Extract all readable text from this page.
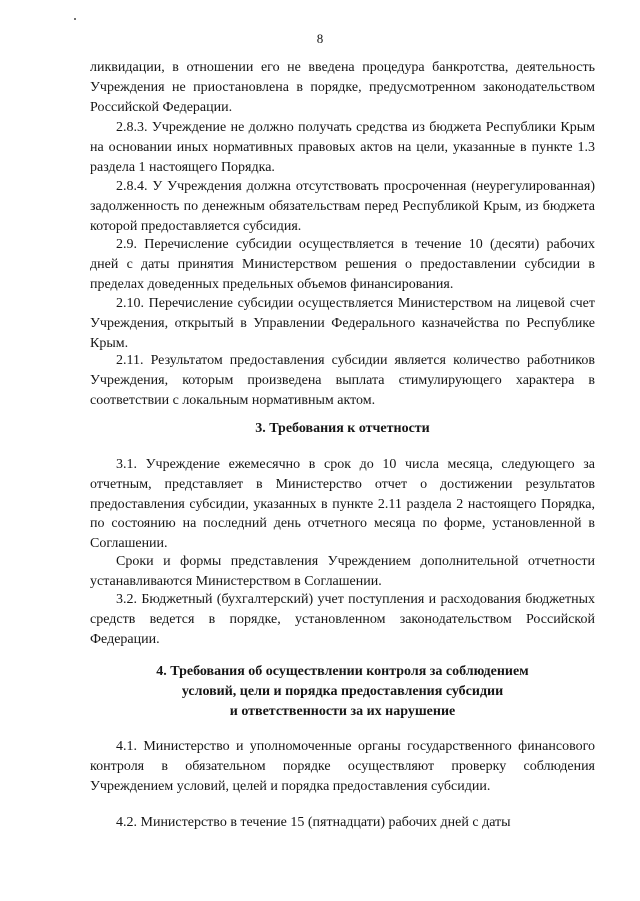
8

ликвидации, в отношении его не введена процедура банкротства, деятельность Учреждения не приостановлена в порядке, предусмотренном законодательством Российской Федерации.

2.8.3. Учреждение не должно получать средства из бюджета Республики Крым на основании иных нормативных правовых актов на цели, указанные в пункте 1.3 раздела 1 настоящего Порядка.

2.8.4. У Учреждения должна отсутствовать просроченная (неурегулированная) задолженность по денежным обязательствам перед Республикой Крым, из бюджета которой предоставляется субсидия.

2.9. Перечисление субсидии осуществляется в течение 10 (десяти) рабочих дней с даты принятия Министерством решения о предоставлении субсидии в пределах доведенных предельных объемов финансирования.

2.10. Перечисление субсидии осуществляется Министерством на лицевой счет Учреждения, открытый в Управлении Федерального казначейства по Республике Крым.

2.11. Результатом предоставления субсидии является количество работников Учреждения, которым произведена выплата стимулирующего характера в соответствии с локальным нормативным актом.

3. Требования к отчетности

3.1. Учреждение ежемесячно в срок до 10 числа месяца, следующего за отчетным, представляет в Министерство отчет о достижении результатов предоставления субсидии, указанных в пункте 2.11 раздела 2 настоящего Порядка, по состоянию на последний день отчетного месяца по форме, установленной в Соглашении.

Сроки и формы представления Учреждением дополнительной отчетности устанавливаются Министерством в Соглашении.

3.2. Бюджетный (бухгалтерский) учет поступления и расходования бюджетных средств ведется в порядке, установленном законодательством Российской Федерации.

4. Требования об осуществлении контроля за соблюдением
условий, цели и порядка предоставления субсидии
и ответственности за их нарушение

4.1. Министерство и уполномоченные органы государственного финансового контроля в обязательном порядке осуществляют проверку соблюдения Учреждением условий, целей и порядка предоставления субсидии.

4.2. Министерство в течение 15 (пятнадцати) рабочих дней с даты
